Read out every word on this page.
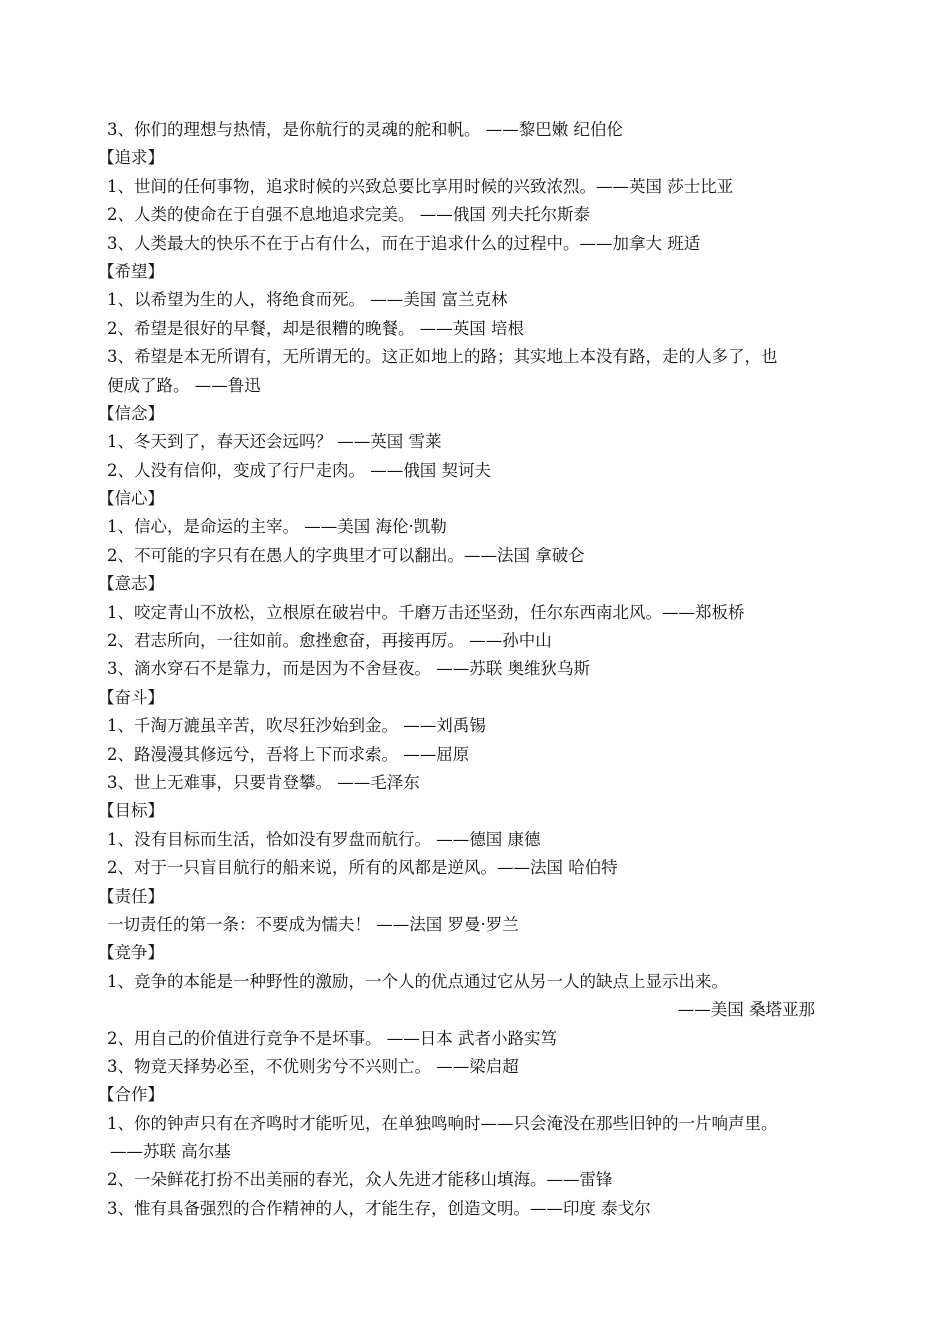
3、你们的理想与热情，是你航行的灵魂的舵和帆。 ——黎巴嫩 纪伯伦
【追求】
1、世间的任何事物，追求时候的兴致总要比享用时候的兴致浓烈。——英国 莎士比亚
2、人类的使命在于自强不息地追求完美。 ——俄国 列夫托尔斯泰
3、人类最大的快乐不在于占有什么，而在于追求什么的过程中。——加拿大 班适
【希望】
1、以希望为生的人，将绝食而死。 ——美国 富兰克林
2、希望是很好的早餐，却是很糟的晚餐。 ——英国 培根
3、希望是本无所谓有，无所谓无的。这正如地上的路；其实地上本没有路，走的人多了，也
便成了路。 ——鲁迅
【信念】
1、冬天到了，春天还会远吗？ ——英国 雪莱
2、人没有信仰，变成了行尸走肉。 ——俄国 契诃夫
【信心】
1、信心，是命运的主宰。 ——美国 海伦·凯勒
2、不可能的字只有在愚人的字典里才可以翻出。——法国 拿破仑
【意志】
1、咬定青山不放松，立根原在破岩中。千磨万击还坚劲，任尔东西南北风。——郑板桥
2、君志所向，一往如前。愈挫愈奋，再接再厉。 ——孙中山
3、滴水穿石不是靠力，而是因为不舍昼夜。 ——苏联 奥维狄乌斯
【奋斗】
1、千淘万漉虽辛苦，吹尽狂沙始到金。 ——刘禹锡
2、路漫漫其修远兮，吾将上下而求索。 ——屈原
3、世上无难事，只要肯登攀。 ——毛泽东
【目标】
1、没有目标而生活，恰如没有罗盘而航行。 ——德国 康德
2、对于一只盲目航行的船来说，所有的风都是逆风。——法国 哈伯特
【责任】
一切责任的第一条：不要成为懦夫！ ——法国 罗曼·罗兰
【竞争】
1、竞争的本能是一种野性的激励，一个人的优点通过它从另一人的缺点上显示出来。
——美国 桑塔亚那
2、用自己的价值进行竞争不是坏事。 ——日本 武者小路实笃
3、物竞天择势必至，不优则劣兮不兴则亡。 ——梁启超
【合作】
1、你的钟声只有在齐鸣时才能听见，在单独鸣响时——只会淹没在那些旧钟的一片响声里。
——苏联 高尔基
2、一朵鲜花打扮不出美丽的春光，众人先进才能移山填海。——雷锋
3、惟有具备强烈的合作精神的人，才能生存，创造文明。——印度 泰戈尔
